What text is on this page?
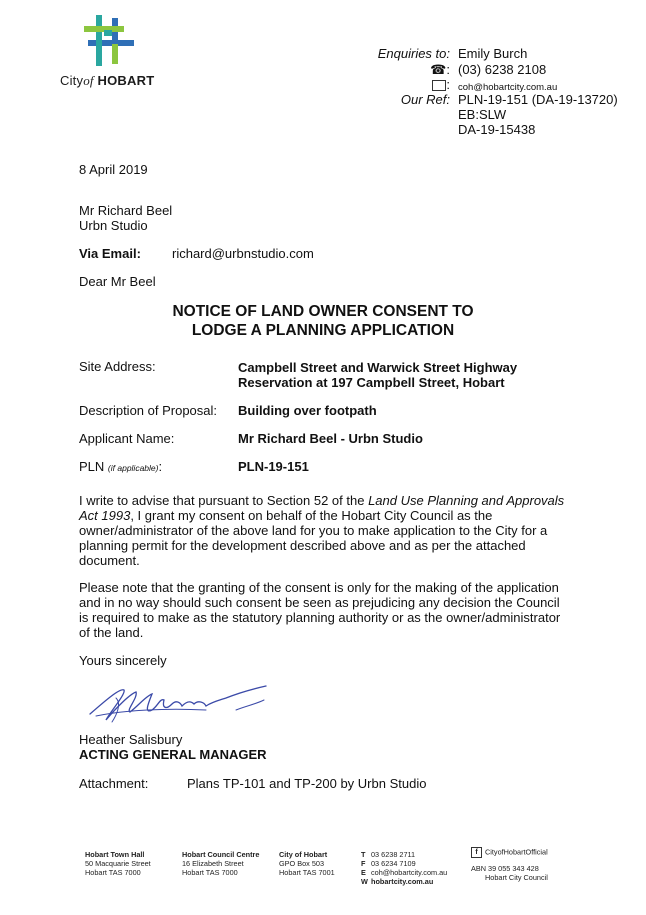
Cityof HOBART
Enquiries to: Emily Burch
☎: (03) 6238 2108
: coh@hobartcity.com.au
Our Ref: PLN-19-151 (DA-19-13720)
EB:SLW
DA-19-15438
8 April 2019
Mr Richard Beel
Urbn Studio
Via Email: richard@urbnstudio.com
Dear Mr Beel
NOTICE OF LAND OWNER CONSENT TO
LODGE A PLANNING APPLICATION
Site Address:	Campbell Street and Warwick Street Highway
Reservation at 197 Campbell Street, Hobart
Description of Proposal: Building over footpath
Applicant Name:	Mr Richard Beel - Urbn Studio
PLN (if applicable):	PLN-19-151
I write to advise that pursuant to Section 52 of the Land Use Planning and Approvals
Act 1993, I grant my consent on behalf of the Hobart City Council as the
owner/administrator of the above land for you to make application to the City for a
planning permit for the development described above and as per the attached
document.
Please note that the granting of the consent is only for the making of the application
and in no way should such consent be seen as prejudicing any decision the Council
is required to make as the statutory planning authority or as the owner/administrator
of the land.
Yours sincerely
Heather Salisbury
ACTING GENERAL MANAGER
Attachment:	Plans TP-101 and TP-200 by Urbn Studio
Hobart Town Hall
50 Macquarie Street
Hobart TAS 7000
Hobart Council Centre
16 Elizabeth Street
Hobart TAS 7000
City of Hobart
GPO Box 503
Hobart TAS 7001
T 03 6238 2711
F 03 6234 7109
E coh@hobartcity.com.au
W hobartcity.com.au
f CityofHobartOfficial
ABN 39 055 343 428
Hobart City Council
